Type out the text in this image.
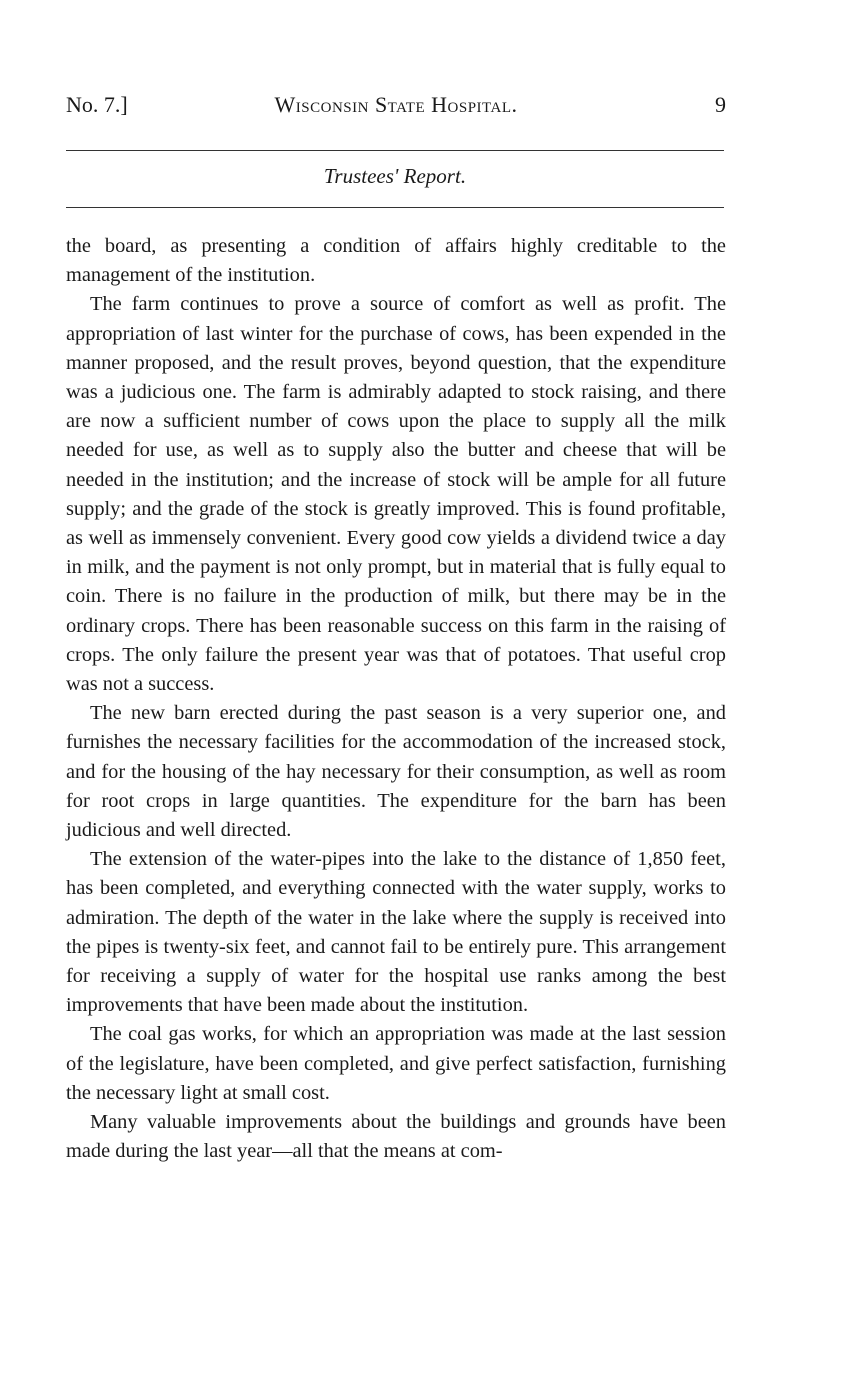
No. 7.]	Wisconsin State Hospital.	9
Trustees' Report.

the board, as presenting a condition of affairs highly creditable to the management of the institution.

The farm continues to prove a source of comfort as well as profit. The appropriation of last winter for the purchase of cows, has been expended in the manner proposed, and the result proves, beyond question, that the expenditure was a judicious one. The farm is admirably adapted to stock raising, and there are now a sufficient number of cows upon the place to supply all the milk needed for use, as well as to supply also the butter and cheese that will be needed in the institution; and the increase of stock will be ample for all future supply; and the grade of the stock is greatly improved. This is found profitable, as well as immensely convenient. Every good cow yields a dividend twice a day in milk, and the payment is not only prompt, but in material that is fully equal to coin. There is no failure in the production of milk, but there may be in the ordinary crops. There has been reasonable success on this farm in the raising of crops. The only failure the present year was that of potatoes. That useful crop was not a success.

The new barn erected during the past season is a very superior one, and furnishes the necessary facilities for the accommodation of the increased stock, and for the housing of the hay necessary for their consumption, as well as room for root crops in large quantities. The expenditure for the barn has been judicious and well directed.

The extension of the water-pipes into the lake to the distance of 1,850 feet, has been completed, and everything connected with the water supply, works to admiration. The depth of the water in the lake where the supply is received into the pipes is twenty-six feet, and cannot fail to be entirely pure. This arrangement for receiving a supply of water for the hospital use ranks among the best improvements that have been made about the institution.

The coal gas works, for which an appropriation was made at the last session of the legislature, have been completed, and give perfect satisfaction, furnishing the necessary light at small cost.

Many valuable improvements about the buildings and grounds have been made during the last year—all that the means at com-
